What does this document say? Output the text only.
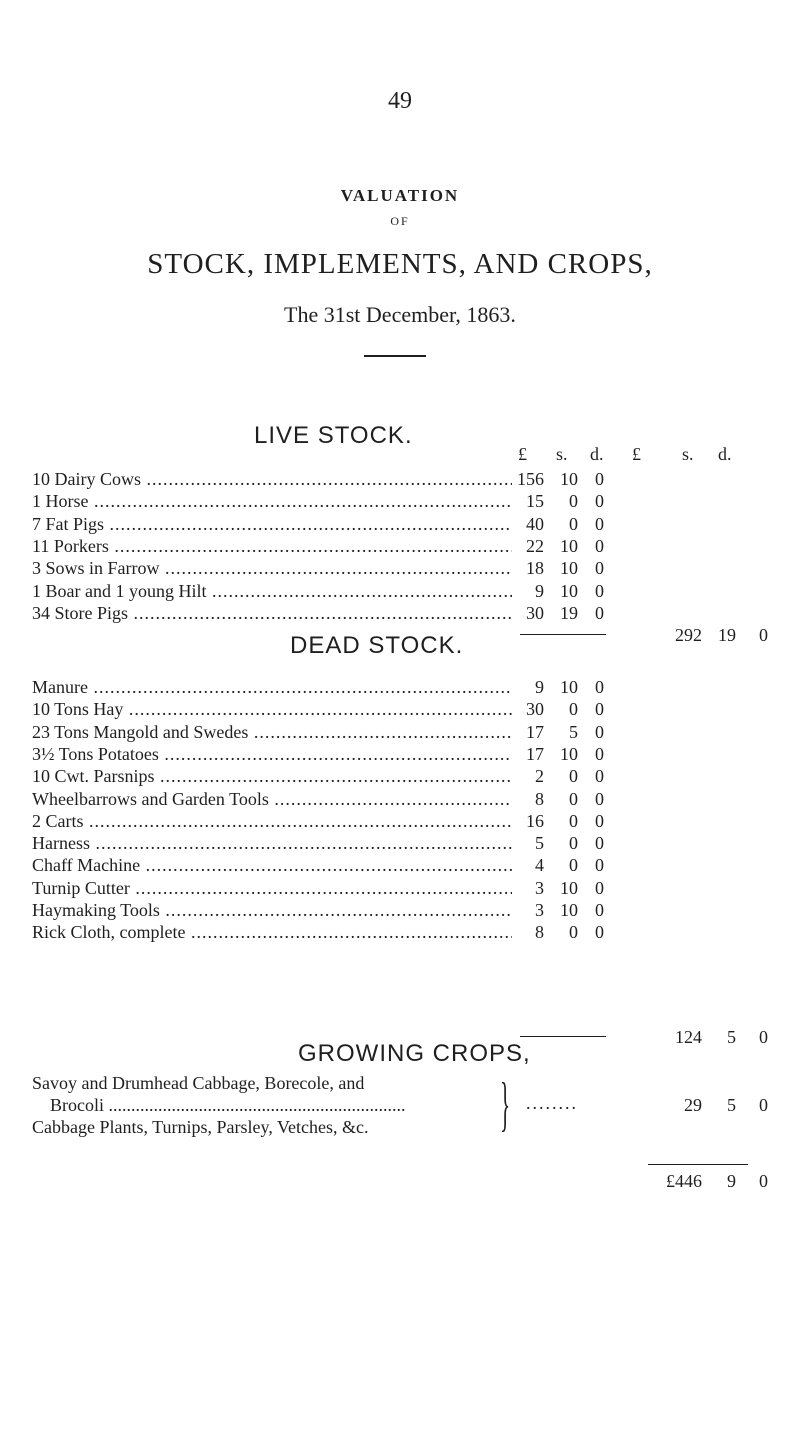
49
VALUATION
OF
STOCK, IMPLEMENTS, AND CROPS,
The 31st December, 1863.
LIVE STOCK.
£	s. d. £ s. d.
10 Dairy Cows .....	156 10 0
1 Horse .....	15	0 0
7 Fat Pigs .....	40	0 0
11 Porkers .....	22 10 0
3 Sows in Farrow .....	18 10 0
1 Boar and 1 young Hilt .....	9 10 0
34 Store Pigs .....	30 19 0
292 19 0
DEAD STOCK.
Manure .....	9 10 0
10 Tons Hay .....	30	0 0
23 Tons Mangold and Swedes .....	17	5 0
3½ Tons Potatoes .....	17 10 0
10 Cwt. Parsnips .....	2	0 0
Wheelbarrows and Garden Tools .....	8	0 0
2 Carts .....	16	0 0
Harness .....	5	0 0
Chaff Machine .....	4	0 0
Turnip Cutter .....	3 10 0
Haymaking Tools .....	3 10 0
Rick Cloth, complete .....	8	0 0
124	5 0
GROWING CROPS,
Savoy and Drumhead Cabbage, Borecole, and
Brocoli ..................................................................
Cabbage Plants, Turnips, Parsley, Vetches, &c. } ........	29	5 0
£446	9 0
